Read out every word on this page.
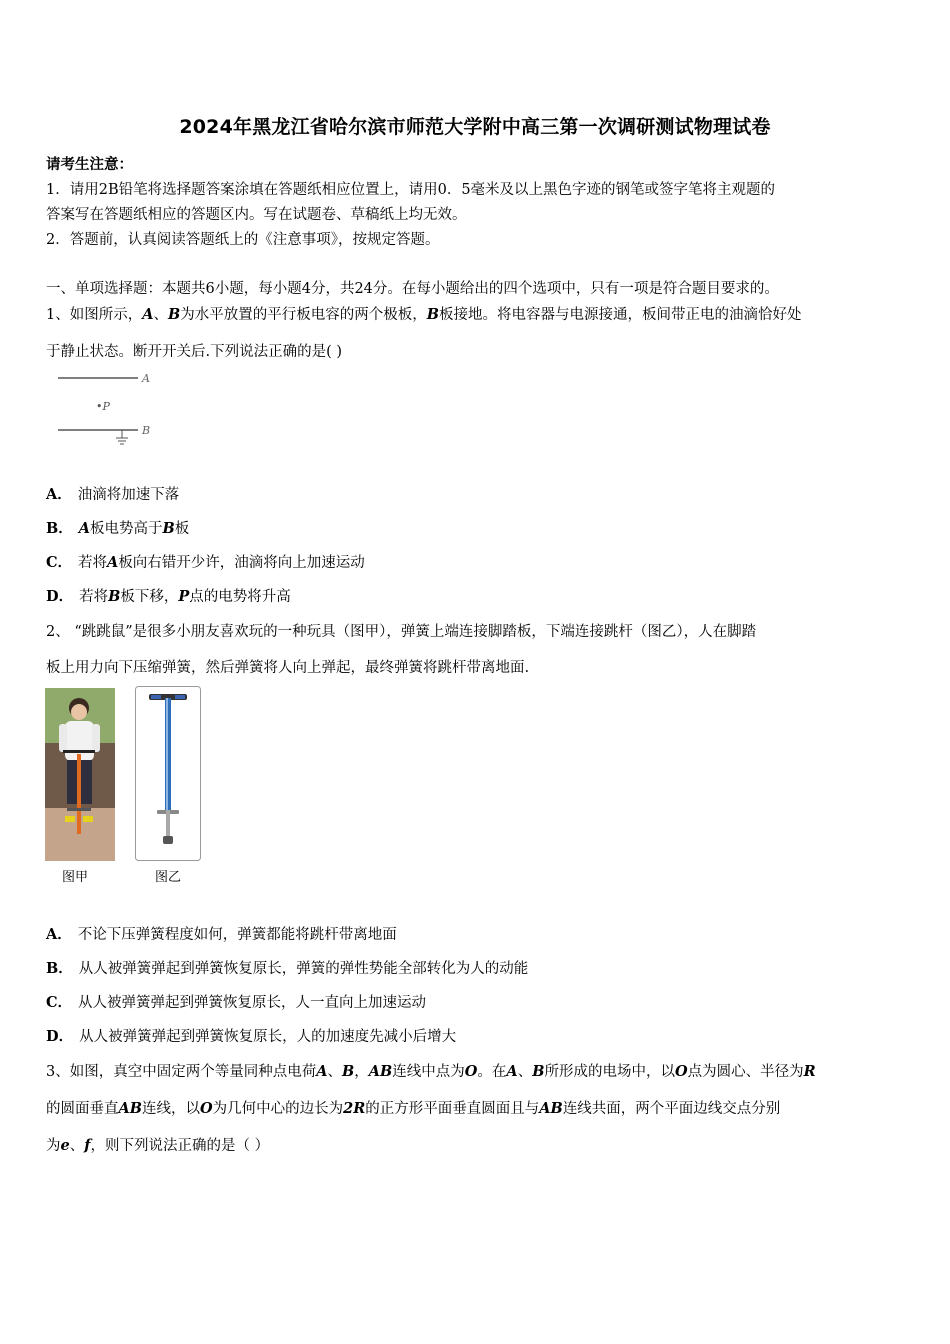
2024年黑龙江省哈尔滨市师范大学附中高三第一次调研测试物理试卷
请考生注意：
1．请用2B铅笔将选择题答案涂填在答题纸相应位置上，请用0．5毫米及以上黑色字迹的钢笔或签字笔将主观题的
答案写在答题纸相应的答题区内。写在试题卷、草稿纸上均无效。
2．答题前，认真阅读答题纸上的《注意事项》，按规定答题。
一、单项选择题：本题共6小题，每小题4分，共24分。在每小题给出的四个选项中，只有一项是符合题目要求的。
1、如图所示，A、B为水平放置的平行板电容的两个极板，B板接地。将电容器与电源接通，板间带正电的油滴恰好处
于静止状态。断开开关后.下列说法正确的是( )
A
•P
B
A． 油滴将加速下落
B． A板电势高于B板
C． 若将A板向右错开少许，油滴将向上加速运动
D． 若将B板下移，P点的电势将升高
2、 “跳跳鼠”是很多小朋友喜欢玩的一种玩具（图甲），弹簧上端连接脚踏板，下端连接跳杆（图乙），人在脚踏
板上用力向下压缩弹簧，然后弹簧将人向上弹起，最终弹簧将跳杆带离地面.
图甲	图乙
A． 不论下压弹簧程度如何，弹簧都能将跳杆带离地面
B． 从人被弹簧弹起到弹簧恢复原长，弹簧的弹性势能全部转化为人的动能
C． 从人被弹簧弹起到弹簧恢复原长，人一直向上加速运动
D． 从人被弹簧弹起到弹簧恢复原长，人的加速度先减小后增大
3、如图，真空中固定两个等量同种点电荷A、B，AB连线中点为O。在A、B所形成的电场中，以O点为圆心、半径为R
的圆面垂直AB连线，以O为几何中心的边长为2R的正方形平面垂直圆面且与AB连线共面，两个平面边线交点分别
为e、f，则下列说法正确的是（ ）
